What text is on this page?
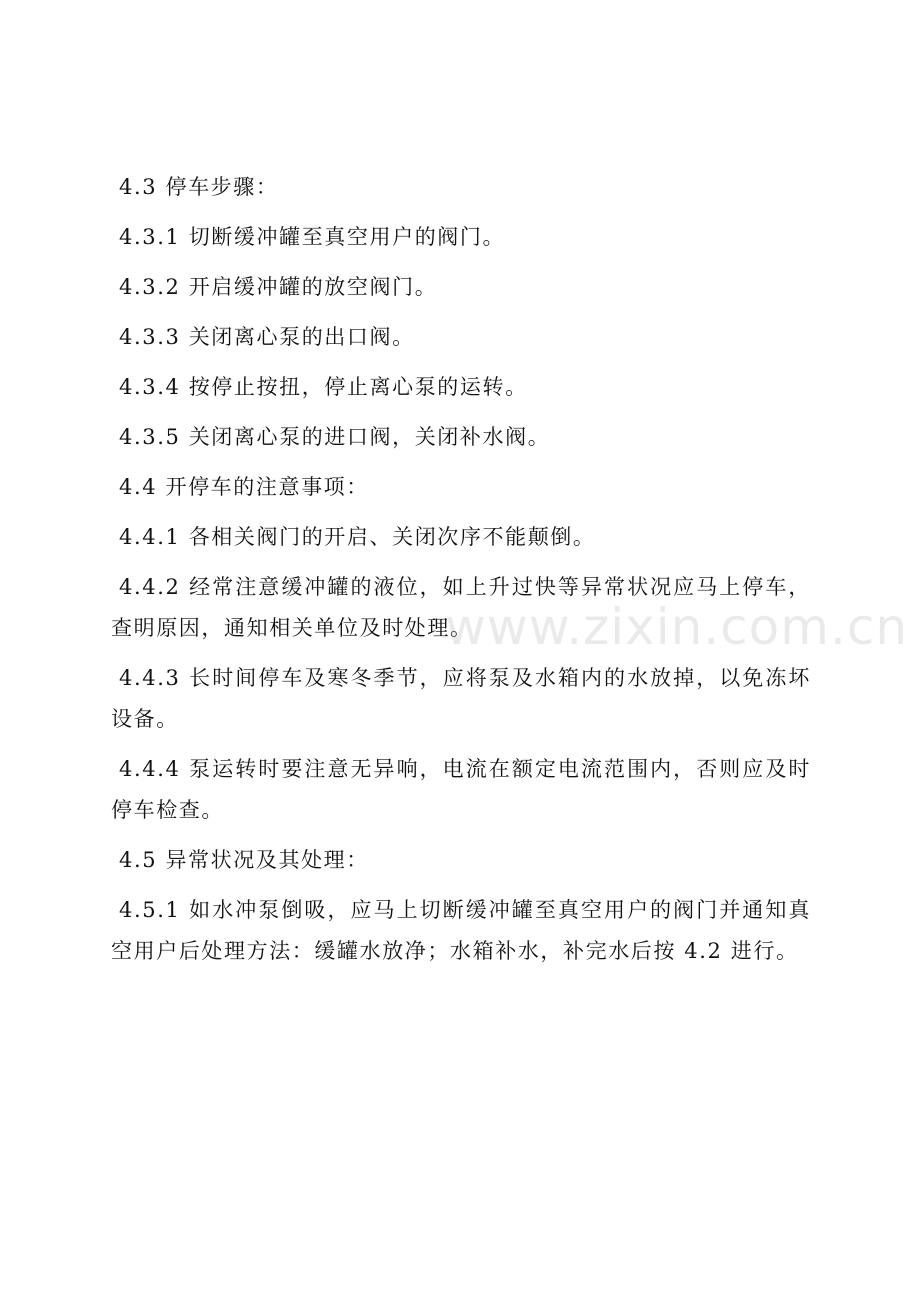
4.3 停车步骤：

4.3.1 切断缓冲罐至真空用户的阀门。

4.3.2 开启缓冲罐的放空阀门。

4.3.3 关闭离心泵的出口阀。

4.3.4 按停止按扭，停止离心泵的运转。

4.3.5 关闭离心泵的进口阀，关闭补水阀。

4.4 开停车的注意事项：

4.4.1 各相关阀门的开启、关闭次序不能颠倒。

4.4.2 经常注意缓冲罐的液位，如上升过快等异常状况应马上停车，查明原因，通知相关单位及时处理。

4.4.3 长时间停车及寒冬季节，应将泵及水箱内的水放掉，以免冻坏设备。

4.4.4 泵运转时要注意无异响，电流在额定电流范围内，否则应及时停车检查。

4.5 异常状况及其处理：

4.5.1 如水冲泵倒吸，应马上切断缓冲罐至真空用户的阀门并通知真空用户后处理方法：缓罐水放净；水箱补水，补完水后按 4.2 进行。

www.zixin.com.cn
